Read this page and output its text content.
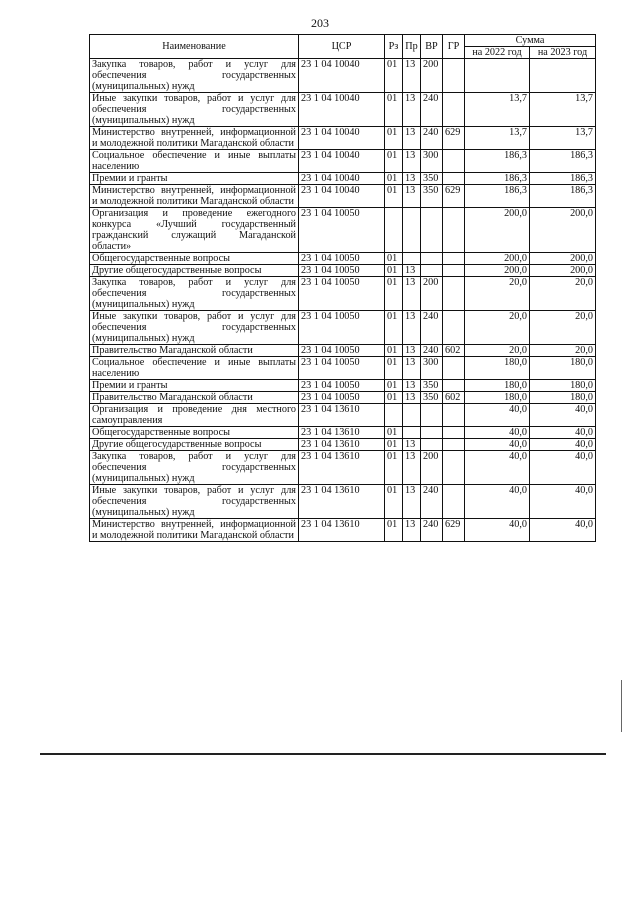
203
Наименование	ЦСР	Рз	Пр	ВР	ГР	Сумма	
						на 2022 год	на 2023 год
Закупка товаров, работ и услуг для обеспечения государственных (муниципальных) нужд	23 1 04 10040	01	13	200			
Иные закупки товаров, работ и услуг для обеспечения государственных (муниципальных) нужд	23 1 04 10040	01	13	240		13,7	13,7
Министерство внутренней, информационной и молодежной политики Магаданской области	23 1 04 10040	01	13	240	629	13,7	13,7
Социальное обеспечение и иные выплаты населению	23 1 04 10040	01	13	300		186,3	186,3
Премии и гранты	23 1 04 10040	01	13	350		186,3	186,3
Министерство внутренней, информационной и молодежной политики Магаданской области	23 1 04 10040	01	13	350	629	186,3	186,3
Организация и проведение ежегодного конкурса «Лучший государственный гражданский служащий Магаданской области»	23 1 04 10050					200,0	200,0
Общегосударственные вопросы	23 1 04 10050	01				200,0	200,0
Другие общегосударственные вопросы	23 1 04 10050	01	13			200,0	200,0
Закупка товаров, работ и услуг для обеспечения государственных (муниципальных) нужд	23 1 04 10050	01	13	200		20,0	20,0
Иные закупки товаров, работ и услуг для обеспечения государственных (муниципальных) нужд	23 1 04 10050	01	13	240		20,0	20,0
Правительство Магаданской области	23 1 04 10050	01	13	240	602	20,0	20,0
Социальное обеспечение и иные выплаты населению	23 1 04 10050	01	13	300		180,0	180,0
Премии и гранты	23 1 04 10050	01	13	350		180,0	180,0
Правительство Магаданской области	23 1 04 10050	01	13	350	602	180,0	180,0
Организация и проведение дня местного самоуправления	23 1 04 13610					40,0	40,0
Общегосударственные вопросы	23 1 04 13610	01				40,0	40,0
Другие общегосударственные вопросы	23 1 04 13610	01	13			40,0	40,0
Закупка товаров, работ и услуг для обеспечения государственных (муниципальных) нужд	23 1 04 13610	01	13	200		40,0	40,0
Иные закупки товаров, работ и услуг для обеспечения государственных (муниципальных) нужд	23 1 04 13610	01	13	240		40,0	40,0
Министерство внутренней, информационной и молодежной политики Магаданской области	23 1 04 13610	01	13	240	629	40,0	40,0
